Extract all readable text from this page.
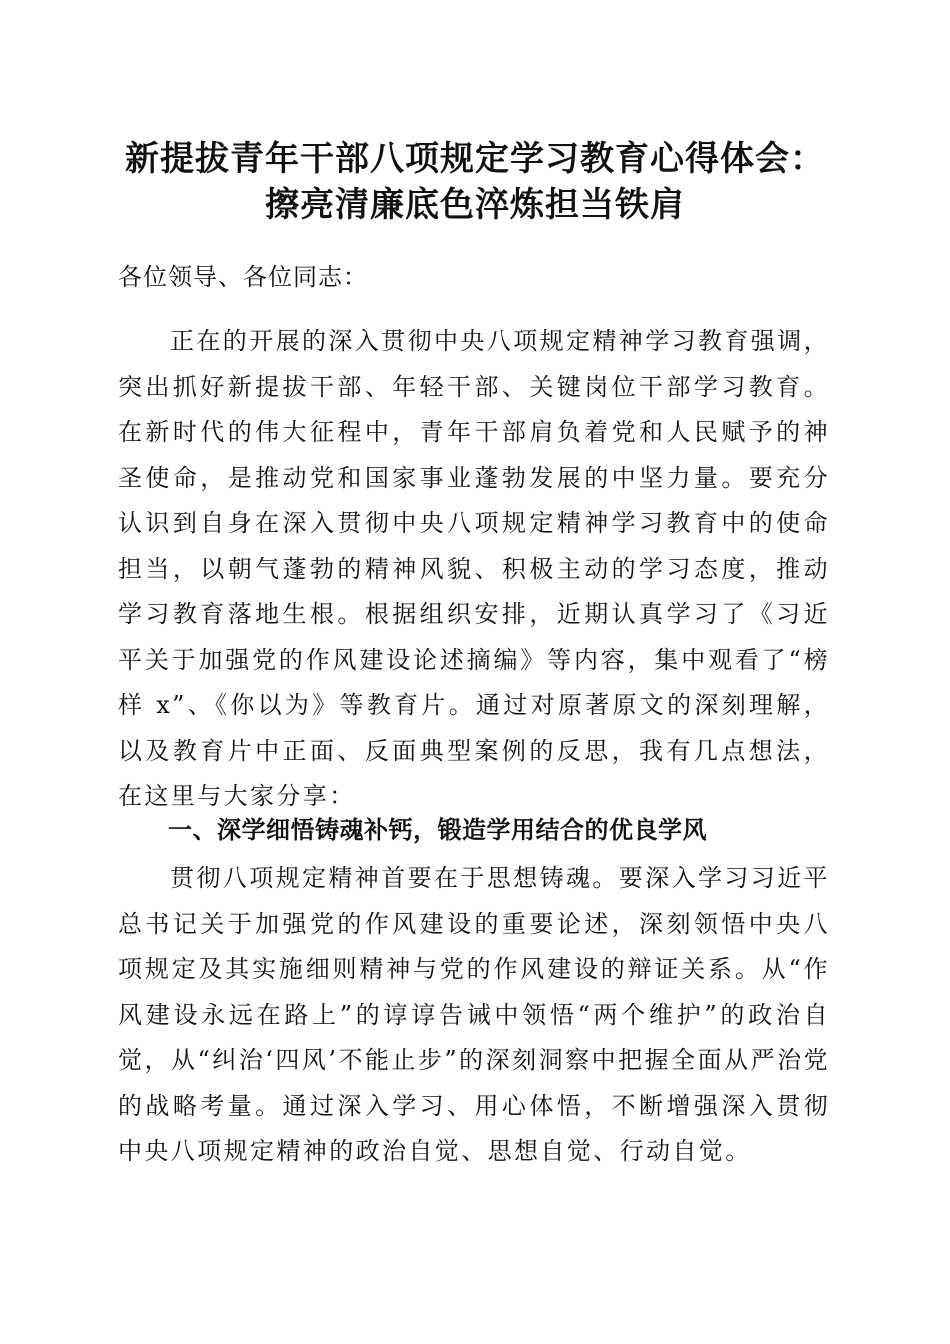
新提拔青年干部八项规定学习教育心得体会：
擦亮清廉底色淬炼担当铁肩

各位领导、各位同志：

正在的开展的深入贯彻中央八项规定精神学习教育强调，突出抓好新提拔干部、年轻干部、关键岗位干部学习教育。在新时代的伟大征程中，青年干部肩负着党和人民赋予的神圣使命，是推动党和国家事业蓬勃发展的中坚力量。要充分认识到自身在深入贯彻中央八项规定精神学习教育中的使命担当，以朝气蓬勃的精神风貌、积极主动的学习态度，推动学习教育落地生根。根据组织安排，近期认真学习了《习近平关于加强党的作风建设论述摘编》等内容，集中观看了“榜样 x”、《你以为》等教育片。通过对原著原文的深刻理解，以及教育片中正面、反面典型案例的反思，我有几点想法，在这里与大家分享：

一、深学细悟铸魂补钙，锻造学用结合的优良学风

贯彻八项规定精神首要在于思想铸魂。要深入学习习近平总书记关于加强党的作风建设的重要论述，深刻领悟中央八项规定及其实施细则精神与党的作风建设的辩证关系。从“作风建设永远在路上”的谆谆告诫中领悟“两个维护”的政治自觉，从“纠治‘四风’不能止步”的深刻洞察中把握全面从严治党的战略考量。通过深入学习、用心体悟，不断增强深入贯彻中央八项规定精神的政治自觉、思想自觉、行动自觉。
